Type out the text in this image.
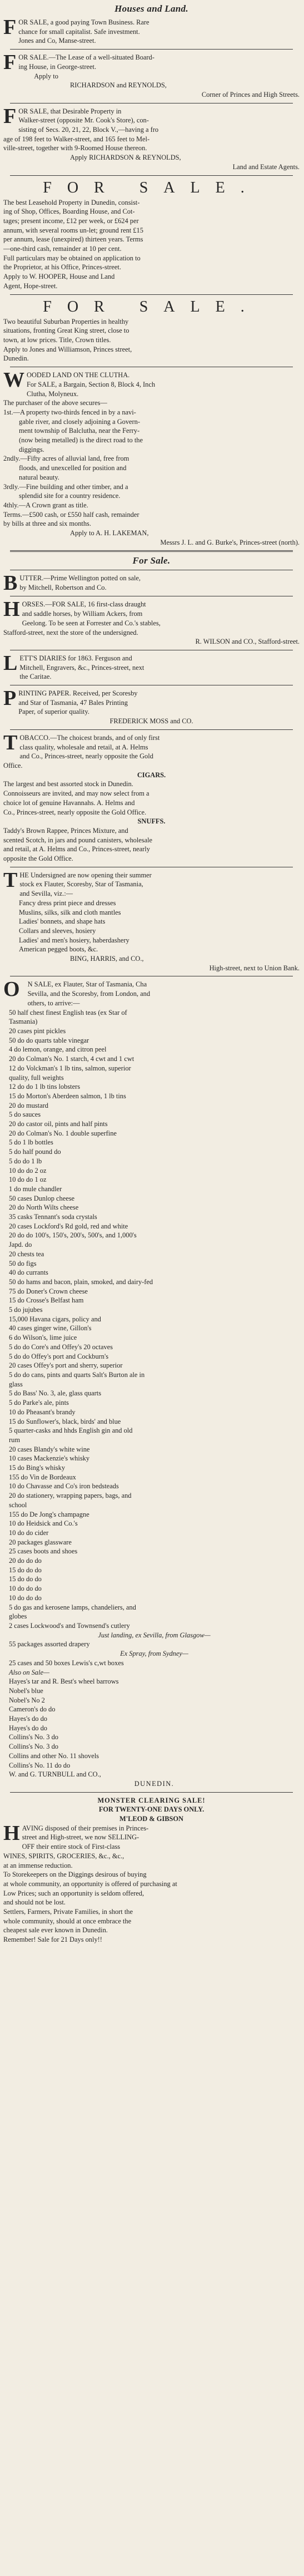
Houses and Land.
F OR SALE, a good paying Town Business. Rare
chance for small capitalist. Safe investment.
Jones and Co, Manse-street.
F OR SALE.—The Lease of a well-situated Board-
ing House, in George-street.
Apply to
RICHARDSON and REYNOLDS,
Corner of Princes and High Streets.
F OR SALE, that Desirable Property in
Walker-street (opposite Mr. Cook's Store), con-
sisting of Secs. 20, 21, 22, Block V.,—having a fro
age of 198 feet to Walker-street, and 165 feet to Mel-
ville-street, together with 9-Roomed House thereon.
Apply RICHARDSON & REYNOLDS,
Land and Estate Agents.
FOR SALE.
The best Leasehold Property in Dunedin, consist-
ing of Shop, Offices, Boarding House, and Cot-
tages; present income, £12 per week, or £624 per
annum, with several rooms un-let; ground rent £15
per annum, lease (unexpired) thirteen years. Terms
—one-third cash, remainder at 10 per cent.
Full particulars may be obtained on application to
the Proprietor, at his Office, Princes-street.
Apply to W. HOOPER, House and Land
Agent, Hope-street.
FOR SALE.
Two beautiful Suburban Properties in healthy
situations, fronting Great King street, close to
town, at low prices. Title, Crown titles.
Apply to Jones and Williamson, Princes street,
Dunedin.
W OODED LAND ON THE CLUTHA.
For SALE, a Bargain, Section 8, Block 4, Inch
Clutha, Molyneux.
The purchaser of the above secures—
1st.—A property two-thirds fenced in by a navi-
gable river, and closely adjoining a Govern-
ment township of Balclutha, near the Ferry-
(now being metalled) is the direct road to the
diggings.
2ndly.—Fifty acres of alluvial land, free from
floods, and unexcelled for position and
natural beauty.
3rdly.—Fine building and other timber, and a
splendid site for a country residence.
4thly.—A Crown grant as title.
Terms.—£500 cash, or £550 half cash, remainder
by bills at three and six months.
Apply to A. H. LAKEMAN,
Messrs J. L. and G. Burke's, Princes-street (north).
For Sale.
B UTTER.—Prime Wellington potted on sale,
by Mitchell, Robertson and Co.
H ORSES.—FOR SALE, 16 first-class draught
and saddle horses, by William Ackers, from
Geelong. To be seen at Forrester and Co.'s stables,
Stafford-street, next the store of the undersigned.
R. WILSON and CO., Stafford-street.
L ETT'S DIARIES for 1863. Ferguson and
Mitchell, Engravers, &c., Princes-street, next
the Caritae.
P RINTING PAPER. Received, per Scoresby
and Star of Tasmania, 47 Bales Printing
Paper, of superior quality.
FREDERICK MOSS and CO.
T OBACCO.—The choicest brands, and of only first
class quality, wholesale and retail, at A. Helms
and Co., Princes-street, nearly opposite the Gold
Office.
CIGARS.
The largest and best assorted stock in Dunedin.
Connoisseurs are invited, and may now select from a
choice lot of genuine Havannahs. A. Helms and
Co., Princes-street, nearly opposite the Gold Office.
SNUFFS.
Taddy's Brown Rappee, Princes Mixture, and
scented Scotch, in jars and pound canisters, wholesale
and retail, at A. Helms and Co., Princes-street, nearly
opposite the Gold Office.
T HE Undersigned are now opening their summer
stock ex Flauter, Scoresby, Star of Tasmania,
and Sevilla, viz.:—
Fancy dress print piece and dresses
Muslins, silks, silk and cloth mantles
Ladies' bonnets, and shape hats
Collars and sleeves, hosiery
Ladies' and men's hosiery, haberdashery
American pegged boots, &c.
BING, HARRIS, and CO.,
High-street, next to Union Bank.
O	N SALE, ex Flauter, Star of Tasmania, Cha
Sevilla, and the Scoresby, from London, and
others, to arrive:—
50 half chest finest English teas (ex Star of
Tasmania)
20 cases pint pickles
50 do do quarts table vinegar
4 do lemon, orange, and citron peel
20 do Colman's No. 1 starch, 4 cwt and 1 cwt
12 do Volckman's 1 lb tins, salmon, superior
quality, full weights
12 do do 1 lb tins lobsters
15 do Morton's Aberdeen salmon, 1 lb tins
20 do mustard
5 do sauces
20 do castor oil, pints and half pints
20 do Colman's No. 1 double superfine
5 do 1 lb bottles
5 do half pound do
5 do do 1 lb
10 do do 2 oz
10 do do 1 oz
1 do mule chandler
50 cases Dunlop cheese
20 do North Wilts cheese
35 casks Tennant's soda crystals
20 cases Lockford's Rd gold, red and white
20 do do 100's, 150's, 200's, 500's, and 1,000's
Japd. do
20 chests tea
50 do figs
40 do currants
50 do hams and bacon, plain, smoked, and dairy-fed
75 do Doner's Crown cheese
15 do Crosse's Belfast ham
5 do jujubes
15,000 Havana cigars, policy and
40 cases ginger wine, Gillon's
6 do Wilson's, lime juice
5 do do Core's and Offey's 20 octaves
5 do do Offey's port and Cockburn's
20 cases Offey's port and sherry, superior
5 do do cans, pints and quarts Salt's Burton ale in
glass
5 do Bass' No. 3, ale, glass quarts
5 do Parke's ale, pints
10 do Pheasant's brandy
15 do Sunflower's, black, birds' and blue
5 quarter-casks and hhds English gin and old
rum
20 cases Blandy's white wine
10 cases Mackenzie's whisky
15 do Bing's whisky
155 do Vin de Bordeaux
10 do Chavasse and Co's iron bedsteads
20 do stationery, wrapping papers, bags, and
school
155 do De Jong's champagne
10 do Heidsick and Co.'s
10 do do cider
20 packages glassware
25 cases boots and shoes
20 do do do
15 do do do
15 do do do
10 do do do
10 do do do
5 do gas and kerosene lamps, chandeliers, and
globes
2 cases Lockwood's and Townsend's cutlery
Just landing, ex Sevilla, from Glasgow—
55 packages assorted drapery
Ex Spray, from Sydney—
25 cases and 50 boxes Lewis's c,wt boxes
Also on Sale—
Hayes's tar and R. Best's wheel barrows
Nobel's blue
Nobel's No 2
Cameron's do do
Hayes's do do
Hayes's do do
Collins's No. 3 do
Collins's No. 3 do
Collins and other No. 11 shovels
Collins's No. 11 do do
W. and G. TURNBULL and CO.,
DUNEDIN.
MONSTER CLEARING SALE!
FOR TWENTY-ONE DAYS ONLY.
M'LEOD & GIBSON
H AVING disposed of their premises in Princes-
street and High-street, we now SELLING-
OFF their entire stock of First-class
WINES, SPIRITS, GROCERIES, &c., &c.,
at an immense reduction.
To Storekeepers on the Diggings desirous of buying
at whole community, an opportunity is offered of purchasing at
Low Prices; such an opportunity is seldom offered,
and should not be lost.
Settlers, Farmers, Private Families, in short the
whole community, should at once embrace the
cheapest sale ever known in Dunedin.
Remember! Sale for 21 Days only!!
